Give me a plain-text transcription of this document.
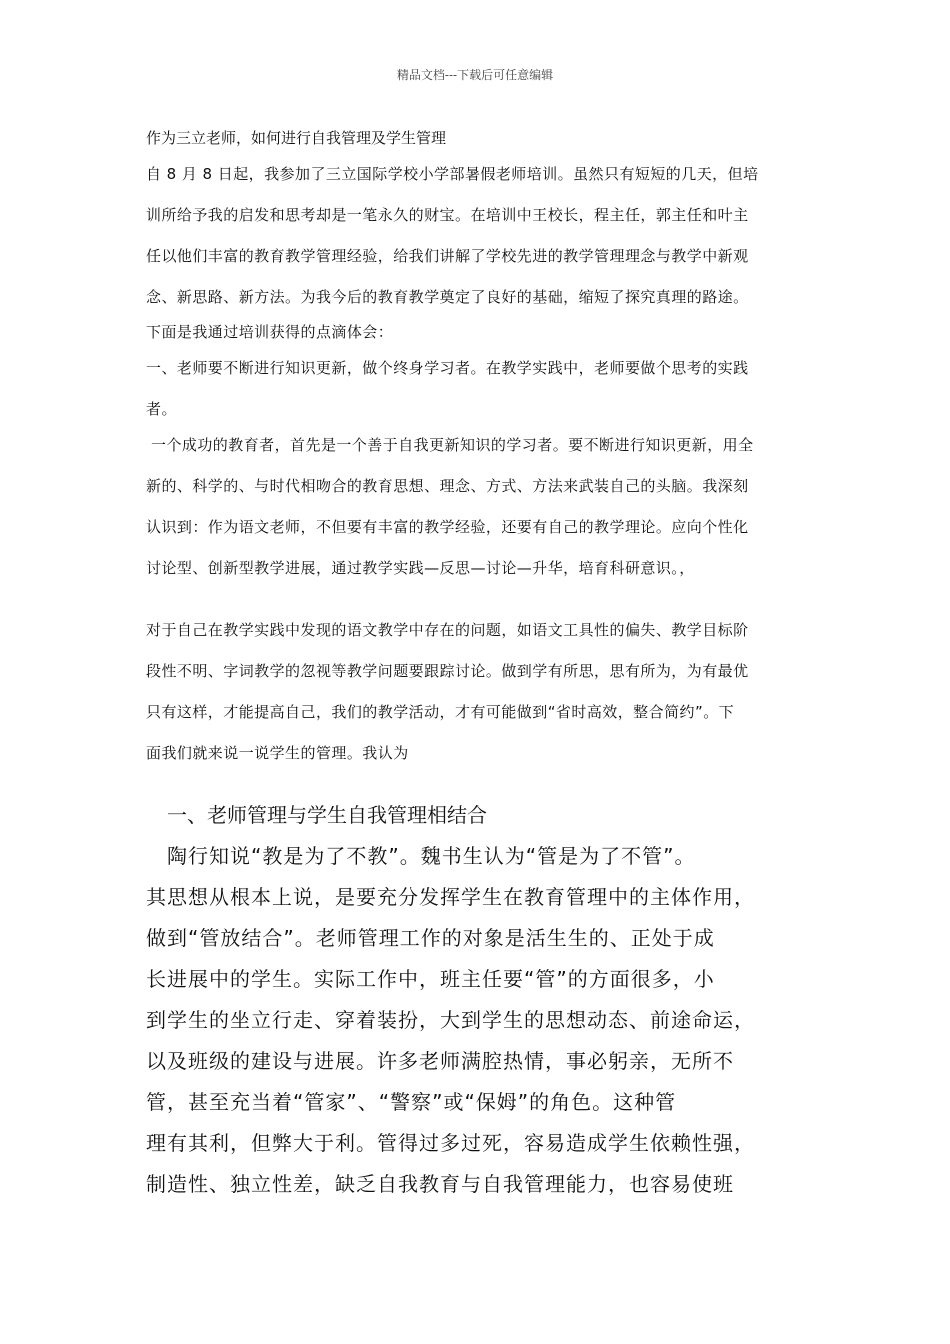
精品文档---下载后可任意编辑
作为三立老师，如何进行自我管理及学生管理
自 8 月 8 日起，我参加了三立国际学校小学部暑假老师培训。虽然只有短短的几天，但培
训所给予我的启发和思考却是一笔永久的财宝。在培训中王校长，程主任，郭主任和叶主
任以他们丰富的教育教学管理经验，给我们讲解了学校先进的教学管理理念与教学中新观
念、新思路、新方法。为我今后的教育教学奠定了良好的基础，缩短了探究真理的路途。
下面是我通过培训获得的点滴体会：
一、老师要不断进行知识更新，做个终身学习者。在教学实践中，老师要做个思考的实践
者。
一个成功的教育者，首先是一个善于自我更新知识的学习者。要不断进行知识更新，用全
新的、科学的、与时代相吻合的教育思想、理念、方式、方法来武装自己的头脑。我深刻
认识到：作为语文老师，不但要有丰富的教学经验，还要有自己的教学理论。应向个性化
讨论型、创新型教学进展，通过教学实践—反思—讨论—升华，培育科研意识。，
对于自己在教学实践中发现的语文教学中存在的问题，如语文工具性的偏失、教学目标阶
段性不明、字词教学的忽视等教学问题要跟踪讨论。做到学有所思，思有所为，为有最优
只有这样，才能提高自己，我们的教学活动，才有可能做到“省时高效，整合简约”。下
面我们就来说一说学生的管理。我认为
一、老师管理与学生自我管理相结合
陶行知说“教是为了不教”。魏书生认为“管是为了不管”。
其思想从根本上说，是要充分发挥学生在教育管理中的主体作用，
做到“管放结合”。老师管理工作的对象是活生生的、正处于成
长进展中的学生。实际工作中，班主任要“管”的方面很多，小
到学生的坐立行走、穿着装扮，大到学生的思想动态、前途命运，
以及班级的建设与进展。许多老师满腔热情，事必躬亲，无所不
管，甚至充当着“管家”、“警察”或“保姆”的角色。这种管
理有其利，但弊大于利。管得过多过死，容易造成学生依赖性强，
制造性、独立性差，缺乏自我教育与自我管理能力，也容易使班
